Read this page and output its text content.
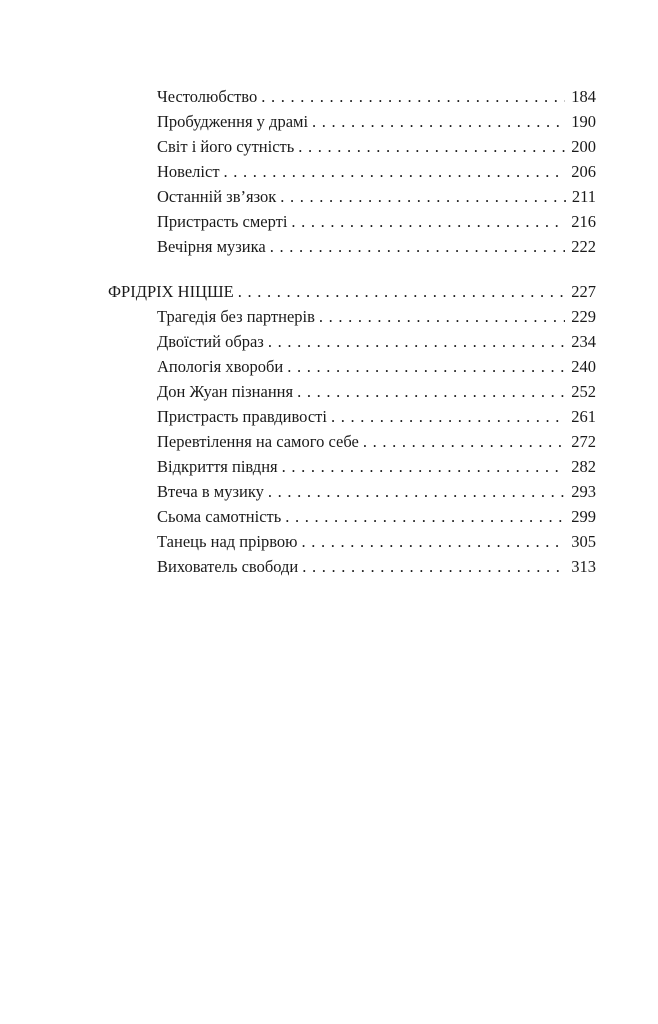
Честолюбство . . .	184
Пробудження у драмі . . .	190
Світ і його сутність . . .	200
Новеліст . . .	206
Останній зв’язок . . .	211
Пристрасть смерті . . .	216
Вечірня музика . . .	222
ФРІДРІХ НІЦШЕ . . .	227
Трагедія без партнерів . . .	229
Двоїстий образ . . .	234
Апологія хвороби . . .	240
Дон Жуан пізнання . . .	252
Пристрасть правдивості . . .	261
Перевтілення на самого себе . . .	272
Відкриття півдня . . .	282
Втеча в музику . . .	293
Сьома самотність . . .	299
Танець над прірвою . . .	305
Вихователь свободи . . .	313
